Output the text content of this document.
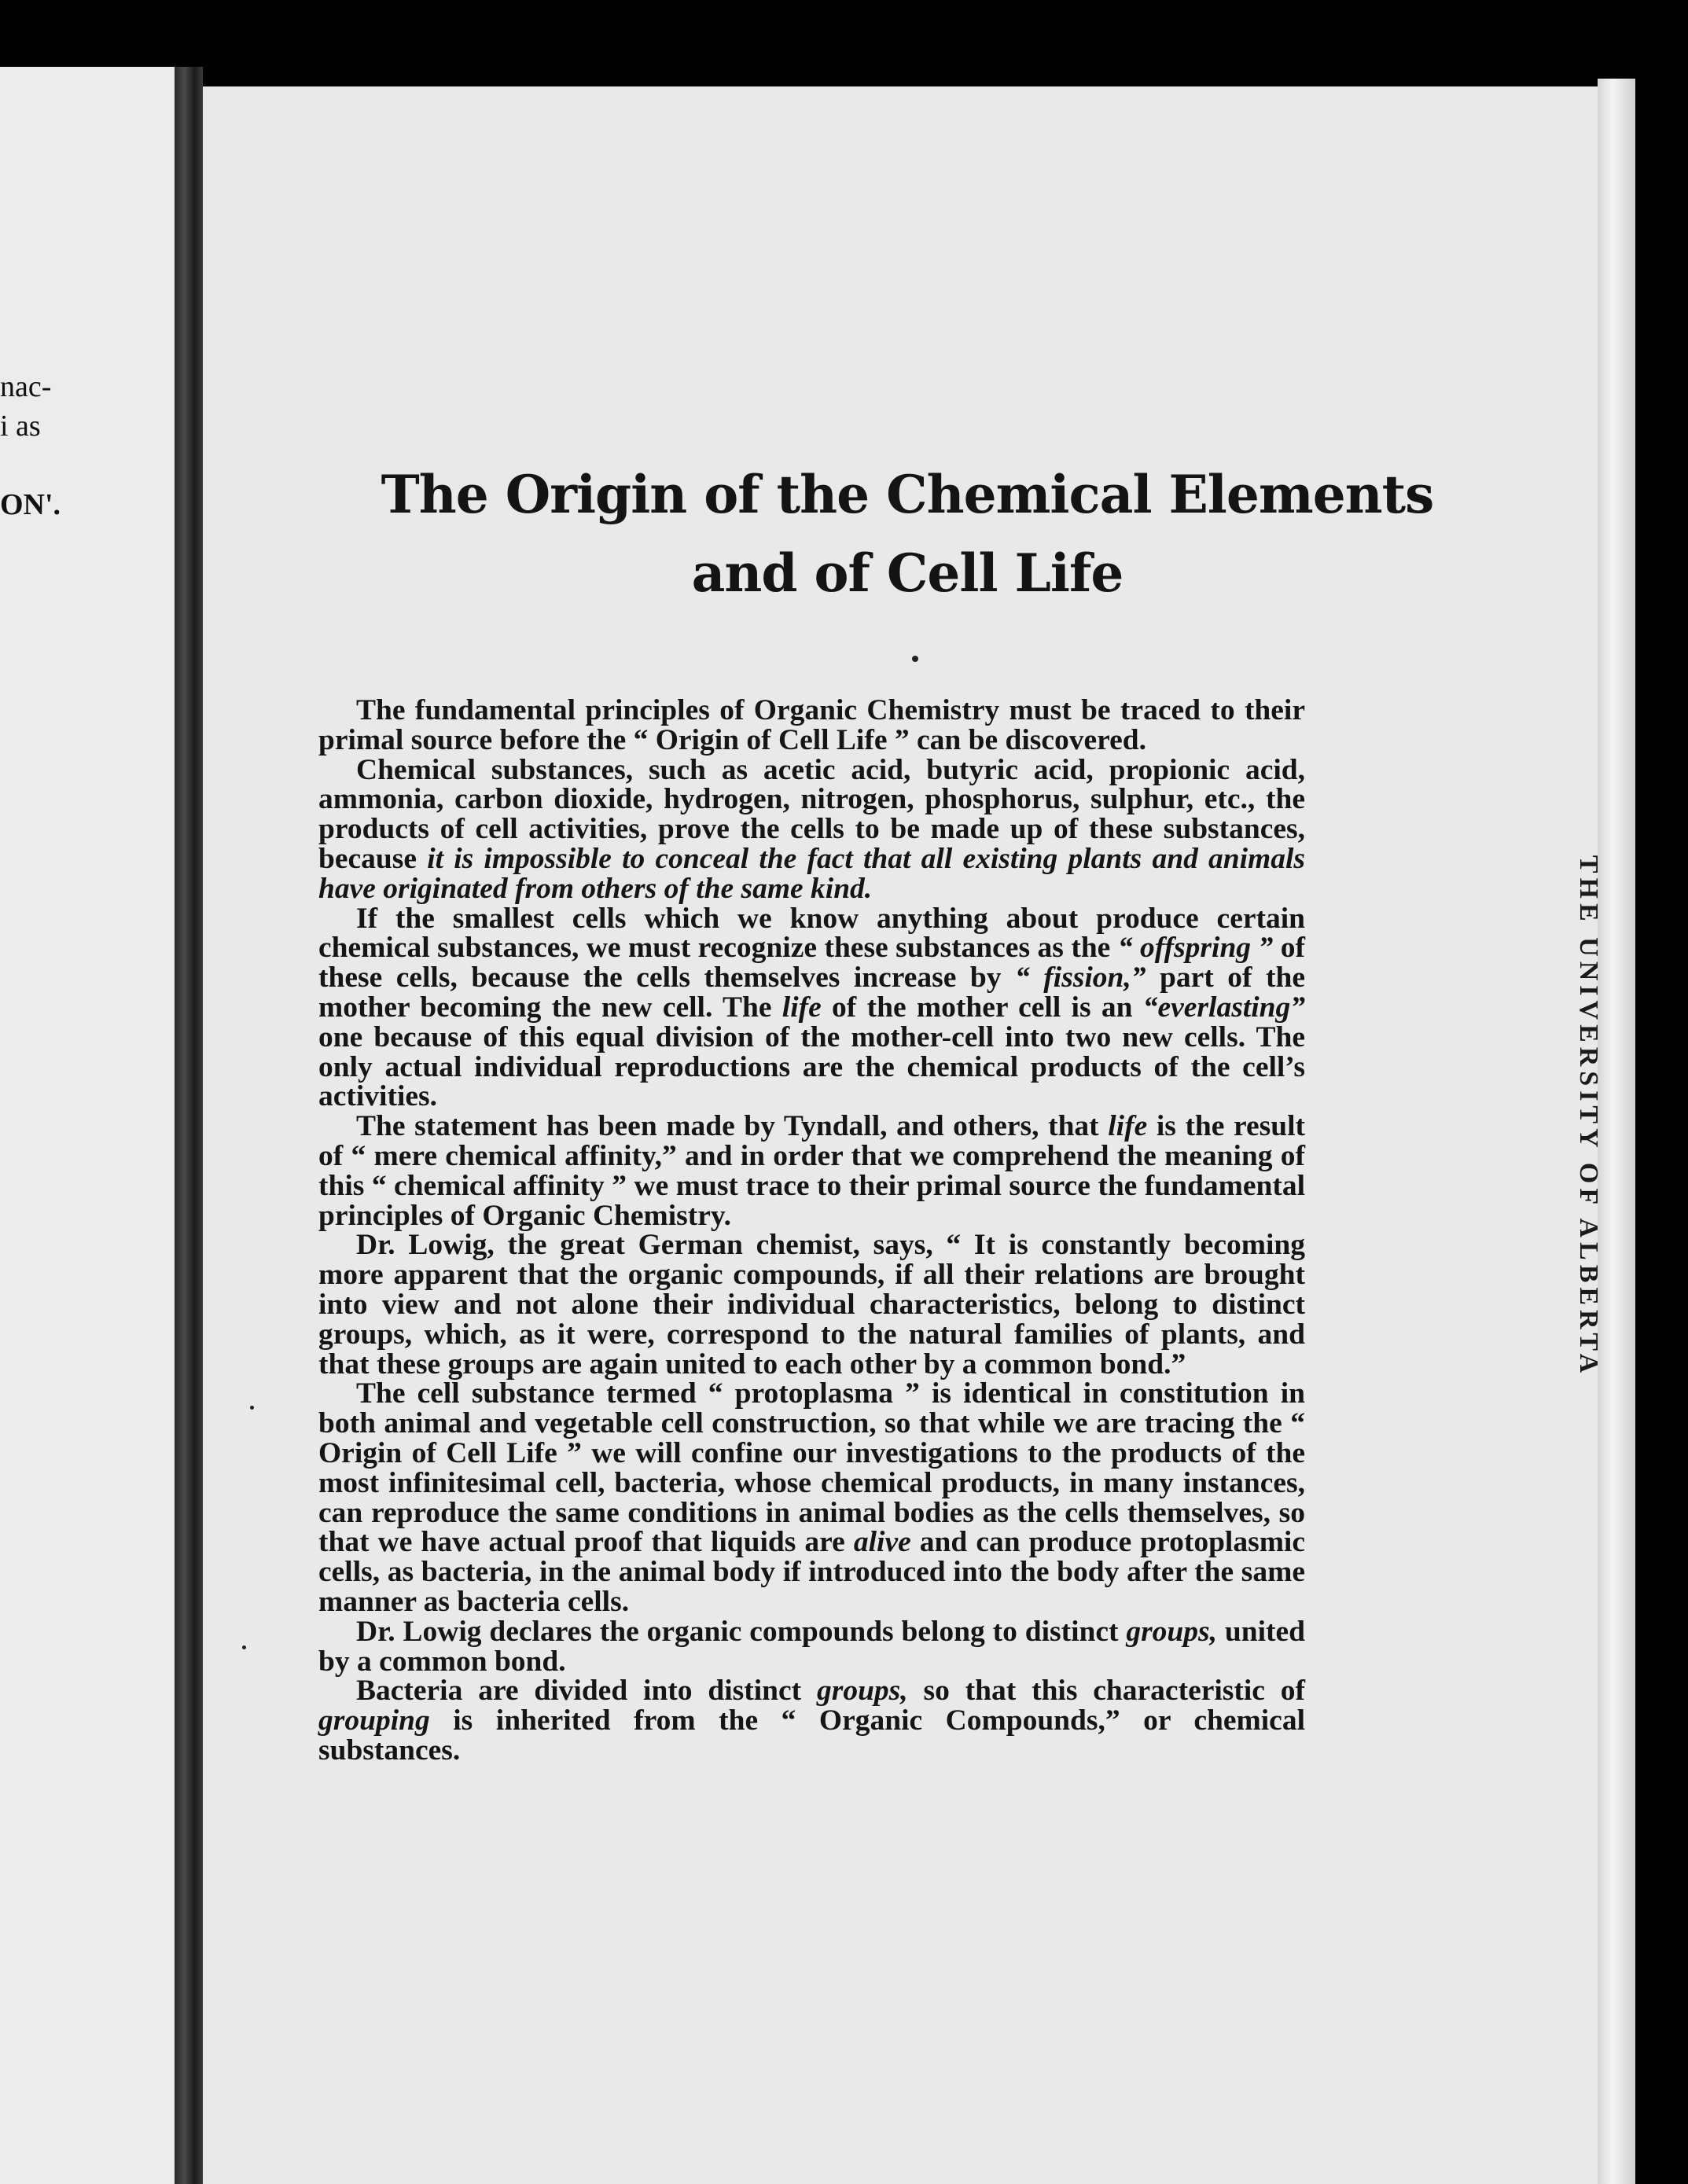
nac-
i as
ON'.
THE UNIVERSITY OF ALBERTA
The Origin of the Chemical Elements
and of Cell Life

The fundamental principles of Organic Chemistry must be traced to their primal source before the “ Origin of Cell Life ” can be discovered.

Chemical substances, such as acetic acid, butyric acid, propionic acid, ammonia, carbon dioxide, hydrogen, nitrogen, phosphorus, sulphur, etc., the products of cell activities, prove the cells to be made up of these substances, because it is impossible to conceal the fact that all existing plants and animals have originated from others of the same kind.

If the smallest cells which we know anything about produce certain chemical substances, we must recognize these substances as the “ offspring ” of these cells, because the cells themselves increase by “ fission,” part of the mother becoming the new cell. The life of the mother cell is an “everlasting” one because of this equal division of the mother-cell into two new cells. The only actual individual reproductions are the chemical products of the cell’s activities.

The statement has been made by Tyndall, and others, that life is the result of “ mere chemical affinity,” and in order that we comprehend the meaning of this “ chemical affinity ” we must trace to their primal source the fundamental principles of Organic Chemistry.

Dr. Lowig, the great German chemist, says, “ It is constantly becoming more apparent that the organic compounds, if all their relations are brought into view and not alone their individual characteristics, belong to distinct groups, which, as it were, correspond to the natural families of plants, and that these groups are again united to each other by a common bond.”

The cell substance termed “ protoplasma ” is identical in constitution in both animal and vegetable cell construction, so that while we are tracing the “ Origin of Cell Life ” we will confine our investigations to the products of the most infinitesimal cell, bacteria, whose chemical products, in many instances, can reproduce the same conditions in animal bodies as the cells themselves, so that we have actual proof that liquids are alive and can produce protoplasmic cells, as bacteria, in the animal body if introduced into the body after the same manner as bacteria cells.

Dr. Lowig declares the organic compounds belong to distinct groups, united by a common bond.

Bacteria are divided into distinct groups, so that this characteristic of grouping is inherited from the “ Organic Compounds,” or chemical substances.
